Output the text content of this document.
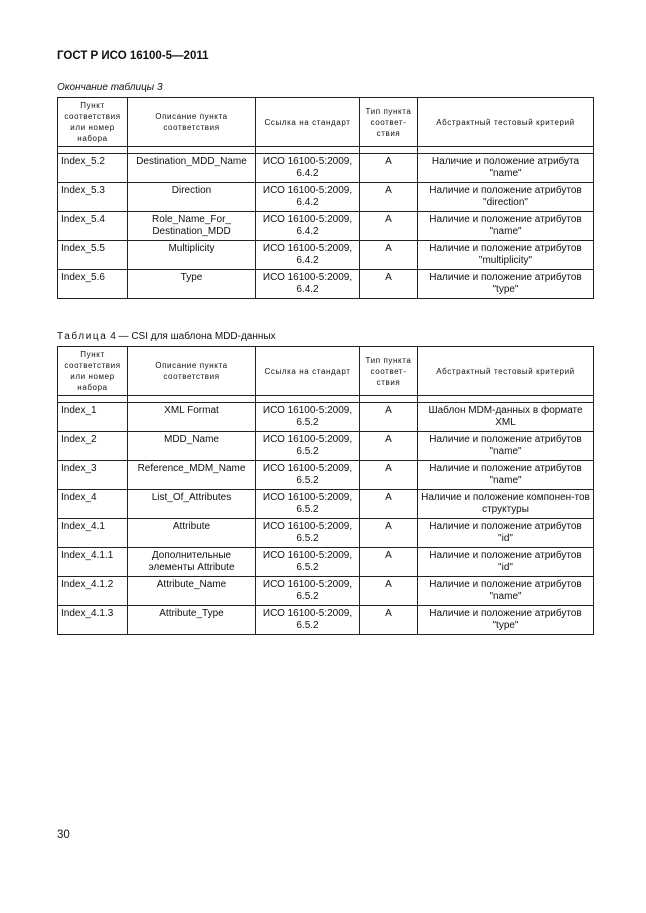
ГОСТ Р ИСО 16100-5—2011
Окончание таблицы 3
Пункт соответствия или номер набора	Описание пункта соответствия	Ссылка на стандарт	Тип пункта соответ-ствия	Абстрактный тестовый критерий

Index_5.2	Destination_MDD_Name	ИСО 16100-5:2009, 6.4.2	A	Наличие и положение атрибута "name"
Index_5.3	Direction	ИСО 16100-5:2009, 6.4.2	A	Наличие и положение атрибутов "direction"
Index_5.4	Role_Name_For_ Destination_MDD	ИСО 16100-5:2009, 6.4.2	A	Наличие и положение атрибутов "name"
Index_5.5	Multiplicity	ИСО 16100-5:2009, 6.4.2	A	Наличие и положение атрибутов "multiplicity"
Index_5.6	Type	ИСО 16100-5:2009, 6.4.2	A	Наличие и положение атрибутов "type"
Таблица 4 — CSI для шаблона MDD-данных
Пункт соответствия или номер набора	Описание пункта соответствия	Ссылка на стандарт	Тип пункта соответ-ствия	Абстрактный тестовый критерий

Index_1	XML Format	ИСО 16100-5:2009, 6.5.2	A	Шаблон MDM-данных в формате XML
Index_2	MDD_Name	ИСО 16100-5:2009, 6.5.2	A	Наличие и положение атрибутов "name"
Index_3	Reference_MDM_Name	ИСО 16100-5:2009, 6.5.2	A	Наличие и положение атрибутов "name"
Index_4	List_Of_Attributes	ИСО 16100-5:2009, 6.5.2	A	Наличие и положение компонен-тов структуры
Index_4.1	Attribute	ИСО 16100-5:2009, 6.5.2	A	Наличие и положение атрибутов "id"
Index_4.1.1	Дополнительные элементы Attribute	ИСО 16100-5:2009, 6.5.2	A	Наличие и положение атрибутов "id"
Index_4.1.2	Attribute_Name	ИСО 16100-5:2009, 6.5.2	A	Наличие и положение атрибутов "name"
Index_4.1.3	Attribute_Type	ИСО 16100-5:2009, 6.5.2	A	Наличие и положение атрибутов "type"
30
